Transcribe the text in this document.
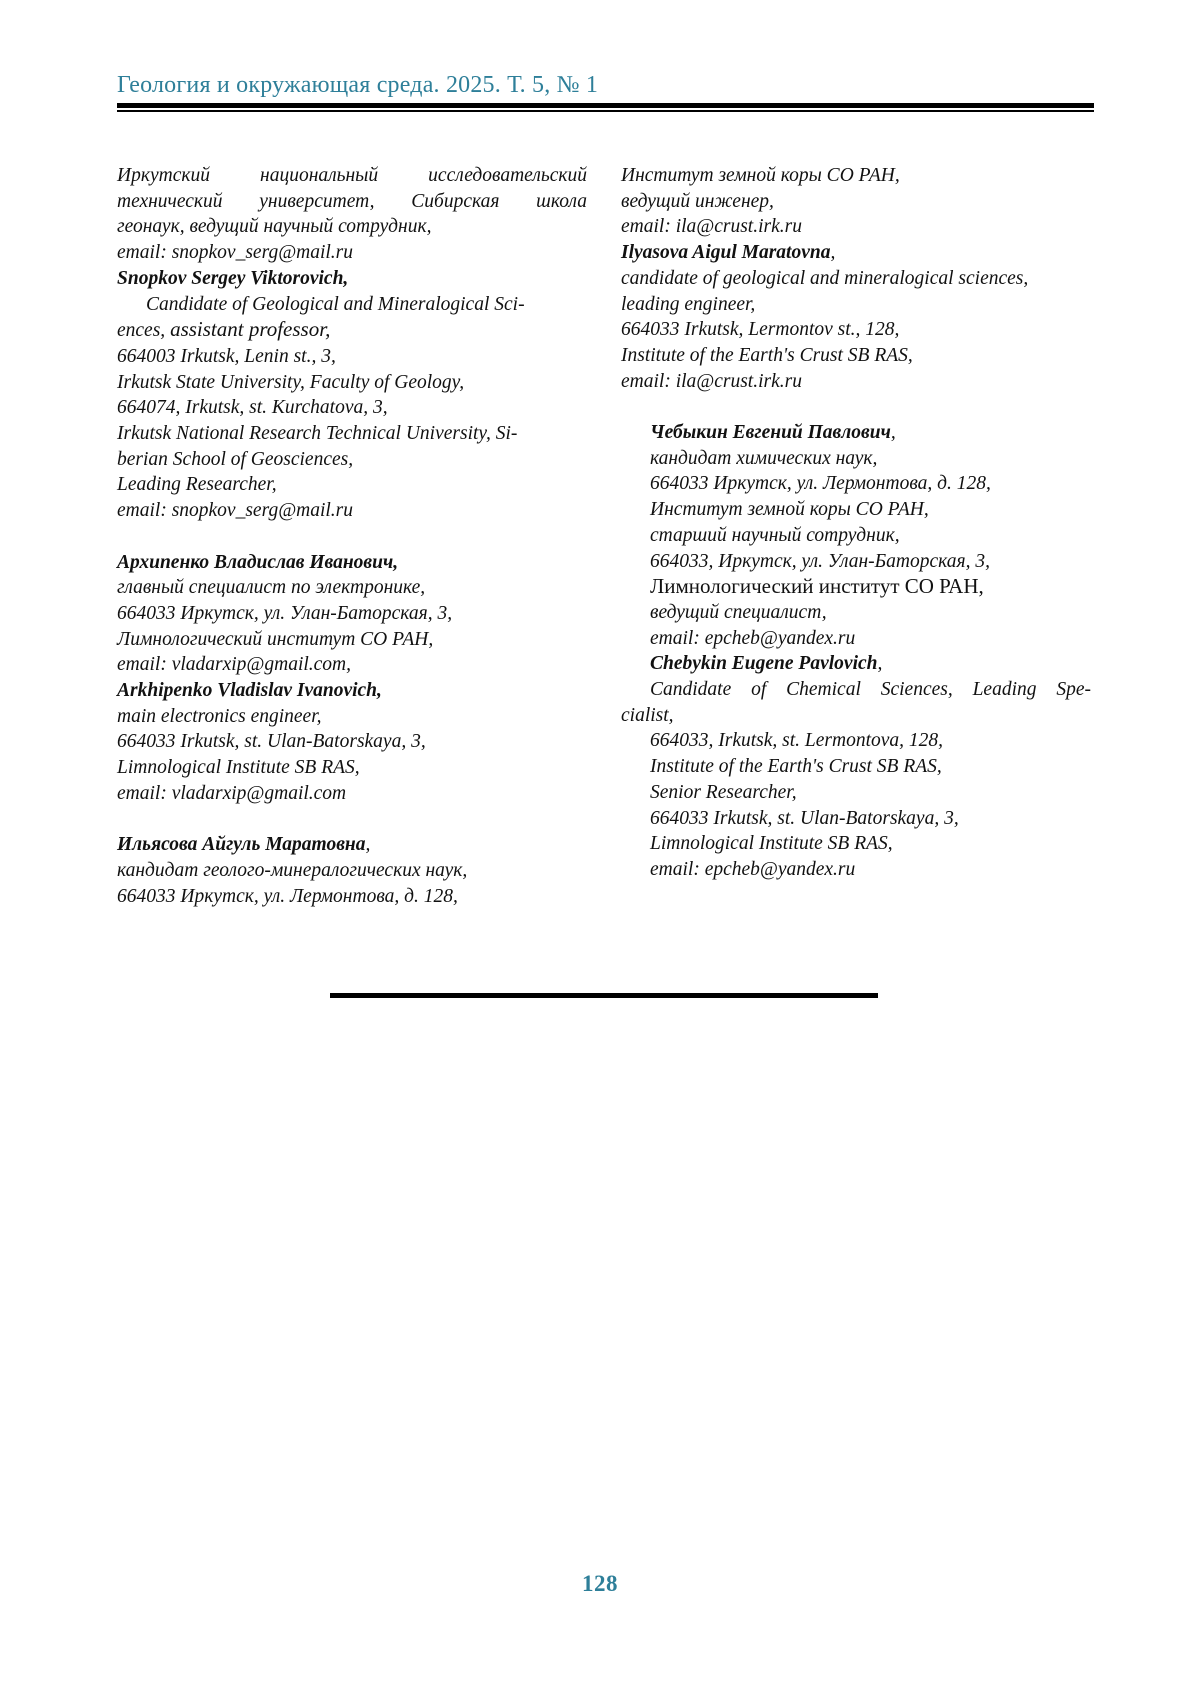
Геология и окружающая среда. 2025. Т. 5, № 1
Иркутский национальный исследовательский
технический университет, Сибирская школа
геонаук, ведущий научный сотрудник,
email: snopkov_serg@mail.ru
Snopkov Sergey Viktorovich,
Candidate of Geological and Mineralogical Sci-
ences, assistant professor,
664003 Irkutsk, Lenin st., 3,
Irkutsk State University, Faculty of Geology,
664074, Irkutsk, st. Kurchatova, 3,
Irkutsk National Research Technical University, Si-
berian School of Geosciences,
Leading Researcher,
email: snopkov_serg@mail.ru
Архипенко Владислав Иванович,
главный специалист по электронике,
664033 Иркутск, ул. Улан-Баторская, 3,
Лимнологический институт СО РАН,
email: vladarxip@gmail.com,
Arkhipenko Vladislav Ivanovich,
main electronics engineer,
664033 Irkutsk, st. Ulan-Batorskaya, 3,
Limnological Institute SB RAS,
email: vladarxip@gmail.com
Ильясова Айгуль Маратовна,
кандидат геолого-минералогических наук,
664033 Иркутск, ул. Лермонтова, д. 128,
Институт земной коры СО РАН,
ведущий инженер,
email: ila@crust.irk.ru
Ilyasova Aigul Maratovna,
candidate of geological and mineralogical sciences,
leading engineer,
664033 Irkutsk, Lermontov st., 128,
Institute of the Earth's Crust SB RAS,
email: ila@crust.irk.ru
Чебыкин Евгений Павлович,
кандидат химических наук,
664033 Иркутск, ул. Лермонтова, д. 128,
Институт земной коры СО РАН,
старший научный сотрудник,
664033, Иркутск, ул. Улан-Баторская, 3,
Лимнологический институт СО РАН,
ведущий специалист,
email: epcheb@yandex.ru
Chebykin Eugene Pavlovich,
Candidate of Chemical Sciences, Leading Spe-
cialist,
664033, Irkutsk, st. Lermontova, 128,
Institute of the Earth's Crust SB RAS,
Senior Researcher,
664033 Irkutsk, st. Ulan-Batorskaya, 3,
Limnological Institute SB RAS,
email: epcheb@yandex.ru
128
